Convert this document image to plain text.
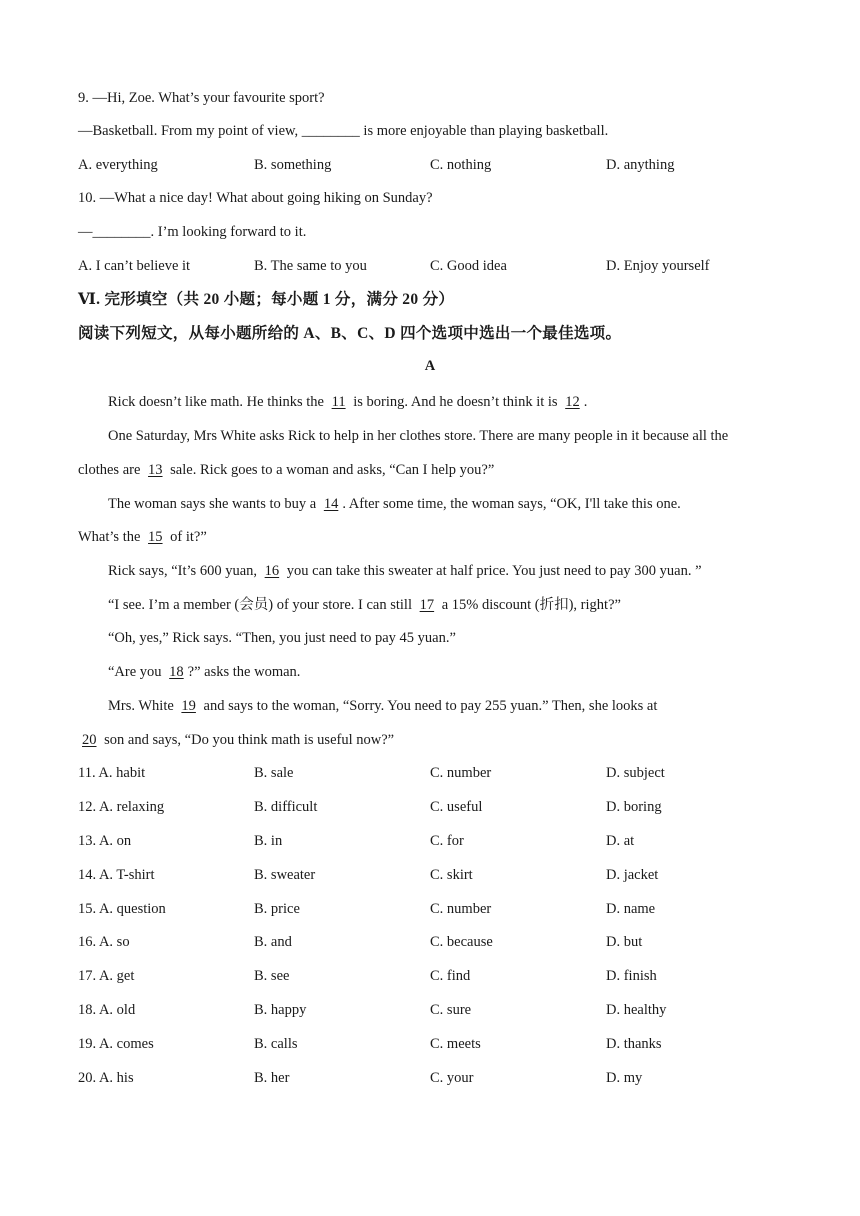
9. —Hi, Zoe. What’s your favourite sport?
—Basketball. From my point of view, ________ is more enjoyable than playing basketball.
A. everything	B. something	C. nothing	D. anything
10. —What a nice day! What about going hiking on Sunday?
—________. I’m looking forward to it.
A. I can’t believe it	B. The same to you	C. Good idea	D. Enjoy yourself
Ⅵ. 完形填空（共 20 小题；每小题 1 分，满分 20 分）
阅读下列短文，从每小题所给的 A、B、C、D 四个选项中选出一个最佳选项。
A
Rick doesn’t like math. He thinks the 11 is boring. And he doesn’t think it is 12 .
One Saturday, Mrs White asks Rick to help in her clothes store. There are many people in it because all the
clothes are 13 sale. Rick goes to a woman and asks, “Can I help you?”
The woman says she wants to buy a 14 . After some time, the woman says, “OK, I'll take this one.
What’s the 15 of it?”
Rick says, “It’s 600 yuan, 16 you can take this sweater at half price. You just need to pay 300 yuan. ”
“I see. I’m a member (会员) of your store. I can still 17 a 15% discount (折扣), right?”
“Oh, yes,” Rick says. “Then, you just need to pay 45 yuan.”
“Are you 18 ?” asks the woman.
Mrs. White 19 and says to the woman, “Sorry. You need to pay 255 yuan.” Then, she looks at
20 son and says, “Do you think math is useful now?”
11. A. habit	B. sale	C. number	D. subject
12. A. relaxing	B. difficult	C. useful	D. boring
13. A. on	B. in	C. for	D. at
14. A. T-shirt	B. sweater	C. skirt	D. jacket
15. A. question	B. price	C. number	D. name
16. A. so	B. and	C. because	D. but
17. A. get	B. see	C. find	D. finish
18. A. old	B. happy	C. sure	D. healthy
19. A. comes	B. calls	C. meets	D. thanks
20. A. his	B. her	C. your	D. my
